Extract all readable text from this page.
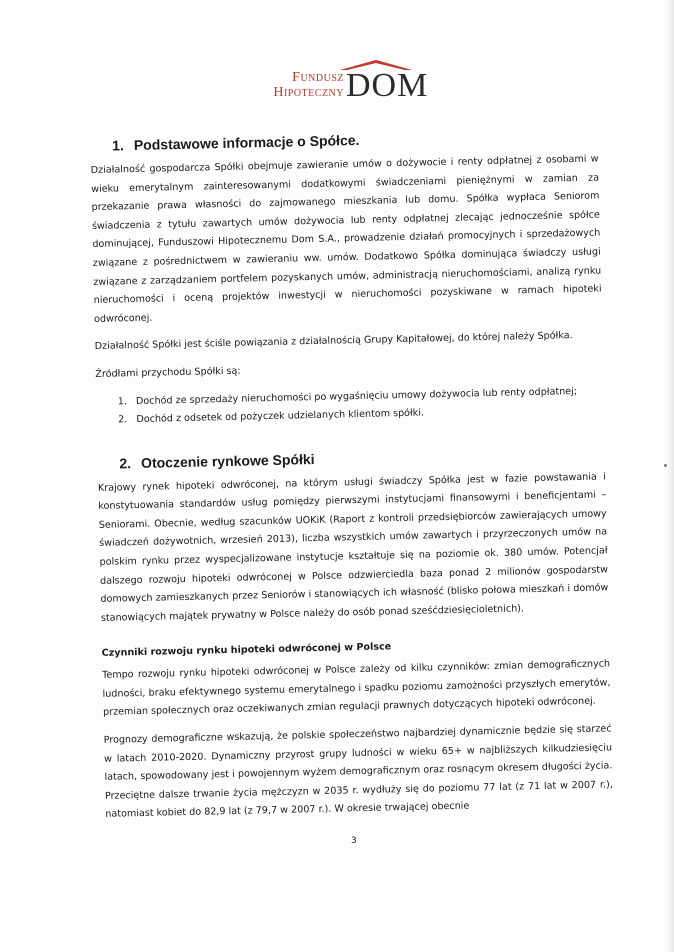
Fundusz
Hipoteczny DOM
1. Podstawowe informacje o Spółce.

Działalność gospodarcza Spółki obejmuje zawieranie umów o dożywocie i renty odpłatnej z osobami w wieku emerytalnym zainteresowanymi dodatkowymi świadczeniami pieniężnymi w zamian za przekazanie prawa własności do zajmowanego mieszkania lub domu. Spółka wypłaca Seniorom świadczenia z tytułu zawartych umów dożywocia lub renty odpłatnej zlecając jednocześnie spółce dominującej, Funduszowi Hipotecznemu Dom S.A., prowadzenie działań promocyjnych i sprzedażowych związane z pośrednictwem w zawieraniu ww. umów. Dodatkowo Spółka dominująca świadczy usługi związane z zarządzaniem portfelem pozyskanych umów, administracją nieruchomościami, analizą rynku nieruchomości i oceną projektów inwestycji w nieruchomości pozyskiwane w ramach hipoteki odwróconej.

Działalność Spółki jest ściśle powiązania z działalnością Grupy Kapitałowej, do której należy Spółka.

Źródłami przychodu Spółki są:

1. Dochód ze sprzedaży nieruchomości po wygaśnięciu umowy dożywocia lub renty odpłatnej;
2. Dochód z odsetek od pożyczek udzielanych klientom spółki.
2. Otoczenie rynkowe Spółki

Krajowy rynek hipoteki odwróconej, na którym usługi świadczy Spółka jest w fazie powstawania i konstytuowania standardów usług pomiędzy pierwszymi instytucjami finansowymi i beneficjentami – Seniorami. Obecnie, według szacunków UOKiK (Raport z kontroli przedsiębiorców zawierających umowy świadczeń dożywotnich, wrzesień 2013), liczba wszystkich umów zawartych i przyrzeczonych umów na polskim rynku przez wyspecjalizowane instytucje kształtuje się na poziomie ok. 380 umów. Potencjał dalszego rozwoju hipoteki odwróconej w Polsce odzwierciedla baza ponad 2 milionów gospodarstw domowych zamieszkanych przez Seniorów i stanowiących ich własność (blisko połowa mieszkań i domów stanowiących majątek prywatny w Polsce należy do osób ponad sześćdziesięcioletnich).

Czynniki rozwoju rynku hipoteki odwróconej w Polsce

Tempo rozwoju rynku hipoteki odwróconej w Polsce zależy od kilku czynników: zmian demograficznych ludności, braku efektywnego systemu emerytalnego i spadku poziomu zamożności przyszłych emerytów, przemian społecznych oraz oczekiwanych zmian regulacji prawnych dotyczących hipoteki odwróconej.

Prognozy demograficzne wskazują, że polskie społeczeństwo najbardziej dynamicznie będzie się starzeć w latach 2010-2020. Dynamiczny przyrost grupy ludności w wieku 65+ w najbliższych kilkudziesięciu latach, spowodowany jest i powojennym wyżem demograficznym oraz rosnącym okresem długości życia. Przeciętne dalsze trwanie życia mężczyzn w 2035 r. wydłuży się do poziomu 77 lat (z 71 lat w 2007 r.), natomiast kobiet do 82,9 lat (z 79,7 w 2007 r.). W okresie trwającej obecnie

3
